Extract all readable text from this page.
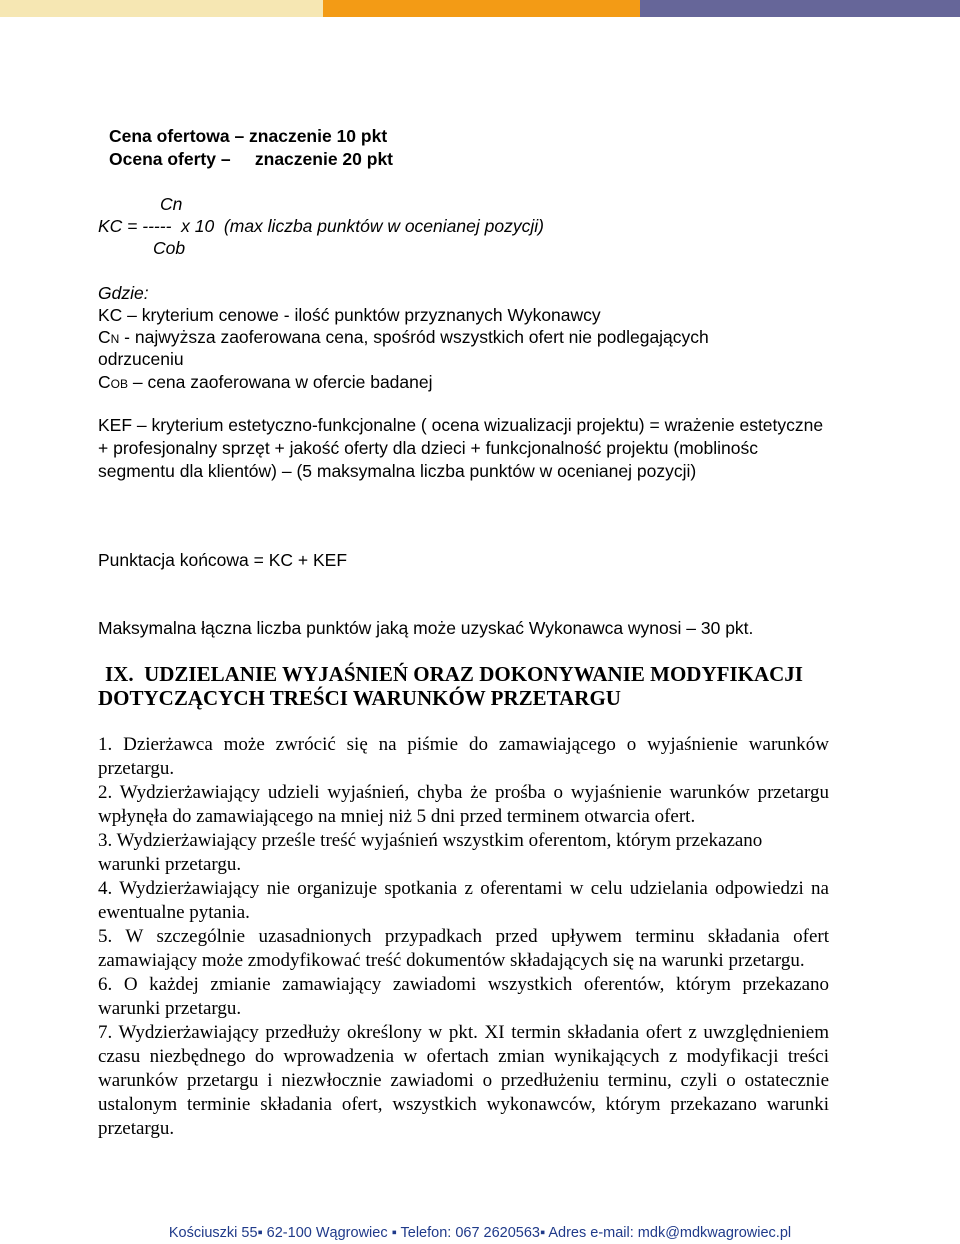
Cena ofertowa – znaczenie 10 pkt
Ocena oferty –     znaczenie 20 pkt
Cn
KC = -----  x 10  (max liczba punktów w ocenianej pozycji)
Cob
Gdzie:
KC – kryterium cenowe - ilość punktów przyznanych Wykonawcy
CN - najwyższa zaoferowana cena, spośród wszystkich ofert nie podlegających
odrzuceniu
COB – cena zaoferowana w ofercie badanej
KEF – kryterium estetyczno-funkcjonalne ( ocena wizualizacji projektu) = wrażenie estetyczne + profesjonalny sprzęt + jakość oferty dla dzieci + funkcjonalność projektu (moblinośc segmentu dla klientów) – (5 maksymalna liczba punktów w ocenianej pozycji)
Punktacja końcowa = KC + KEF
Maksymalna łączna liczba punktów jaką może uzyskać Wykonawca wynosi – 30 pkt.
IX. UDZIELANIE WYJAŚNIEŃ ORAZ DOKONYWANIE MODYFIKACJI DOTYCZĄCYCH TREŚCI WARUNKÓW PRZETARGU

1. Dzierżawca może zwrócić się na piśmie do zamawiającego o wyjaśnienie warunków przetargu.

2. Wydzierżawiający udzieli wyjaśnień, chyba że prośba o wyjaśnienie warunków przetargu wpłynęła do zamawiającego na mniej niż 5 dni przed terminem otwarcia ofert.

3. Wydzierżawiający prześle treść wyjaśnień wszystkim oferentom, którym przekazano warunki przetargu.

4. Wydzierżawiający nie organizuje spotkania z oferentami w celu udzielania odpowiedzi na ewentualne pytania.

5. W szczególnie uzasadnionych przypadkach przed upływem terminu składania ofert zamawiający może zmodyfikować treść dokumentów składających się na warunki przetargu.

6. O każdej zmianie zamawiający zawiadomi wszystkich oferentów, którym przekazano warunki przetargu.

7. Wydzierżawiający przedłuży określony w pkt. XI termin składania ofert z uwzględnieniem czasu niezbędnego do wprowadzenia w ofertach zmian wynikających z modyfikacji treści warunków przetargu i niezwłocznie zawiadomi o przedłużeniu terminu, czyli o ostatecznie ustalonym terminie składania ofert, wszystkich wykonawców, którym przekazano warunki przetargu.

Kościuszki 55▪ 62-100 Wągrowiec ▪ Telefon: 067 2620563▪ Adres e-mail: mdk@mdkwagrowiec.pl
